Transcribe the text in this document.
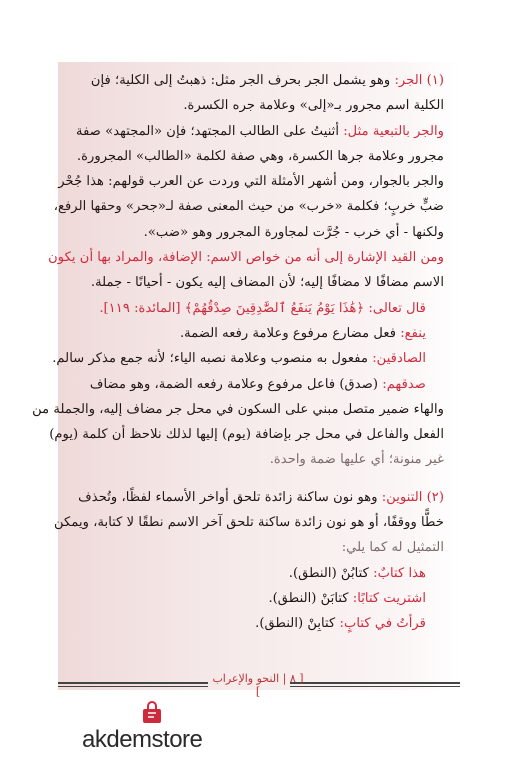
(١) الجر: وهو يشمل الجر بحرف الجر مثل: ذهبتُ إلى الكلية؛ فإن
الكلية اسم مجرور بـ«إلى» وعلامة جره الكسرة.
والجر بالتبعية مثل: أثنيتُ على الطالب المجتهد؛ فإن «المجتهد» صفة
مجرور وعلامة جرها الكسرة، وهي صفة لكلمة «الطالب» المجرورة.
والجر بالجوار، ومن أشهر الأمثلة التي وردت عن العرب قولهم: هذا جُحْر
ضبٍّ خربٍ؛ فكلمة «خرب» من حيث المعنى صفة لـ«جحر» وحقها الرفع،
ولكنها - أي خرب - جُرَّت لمجاورة المجرور وهو «ضب».
ومن القيد الإشارة إلى أنه من خواص الاسم: الإضافة، والمراد بها أن يكون
الاسم مضافًا لا مضافًا إليه؛ لأن المضاف إليه يكون - أحيانًا - جملة.
قال تعالى: ﴿هَٰذَا يَوْمُ يَنفَعُ ٱلصَّٰدِقِينَ صِدْقُهُمْ﴾ [المائدة: ١١٩].
ينفع: فعل مضارع مرفوع وعلامة رفعه الضمة.
الصادقين: مفعول به منصوب وعلامة نصبه الياء؛ لأنه جمع مذكر سالم.
صدقهم: (صدق) فاعل مرفوع وعلامة رفعه الضمة، وهو مضاف
والهاء ضمير متصل مبني على السكون في محل جر مضاف إليه، والجملة من
الفعل والفاعل في محل جر بإضافة (يوم) إليها لذلك نلاحظ أن كلمة (يوم)
غير منونة؛ أي عليها ضمة واحدة.
(٢) التنوين: وهو نون ساكنة زائدة تلحق أواخر الأسماء لفظًا، وتُحذف
خطًّا ووقفًا، أو هو نون زائدة ساكنة تلحق آخر الاسم نطقًا لا كتابة، ويمكن
التمثيل له كما يلي:
هذا كتابٌ: كتابُنْ (النطق).
اشتريت كتابًا: كتابَنْ (النطق).
قرأتُ في كتابٍ: كتابِنْ (النطق).
[ ٨ | النحو والإعراب ]
akdemstore
